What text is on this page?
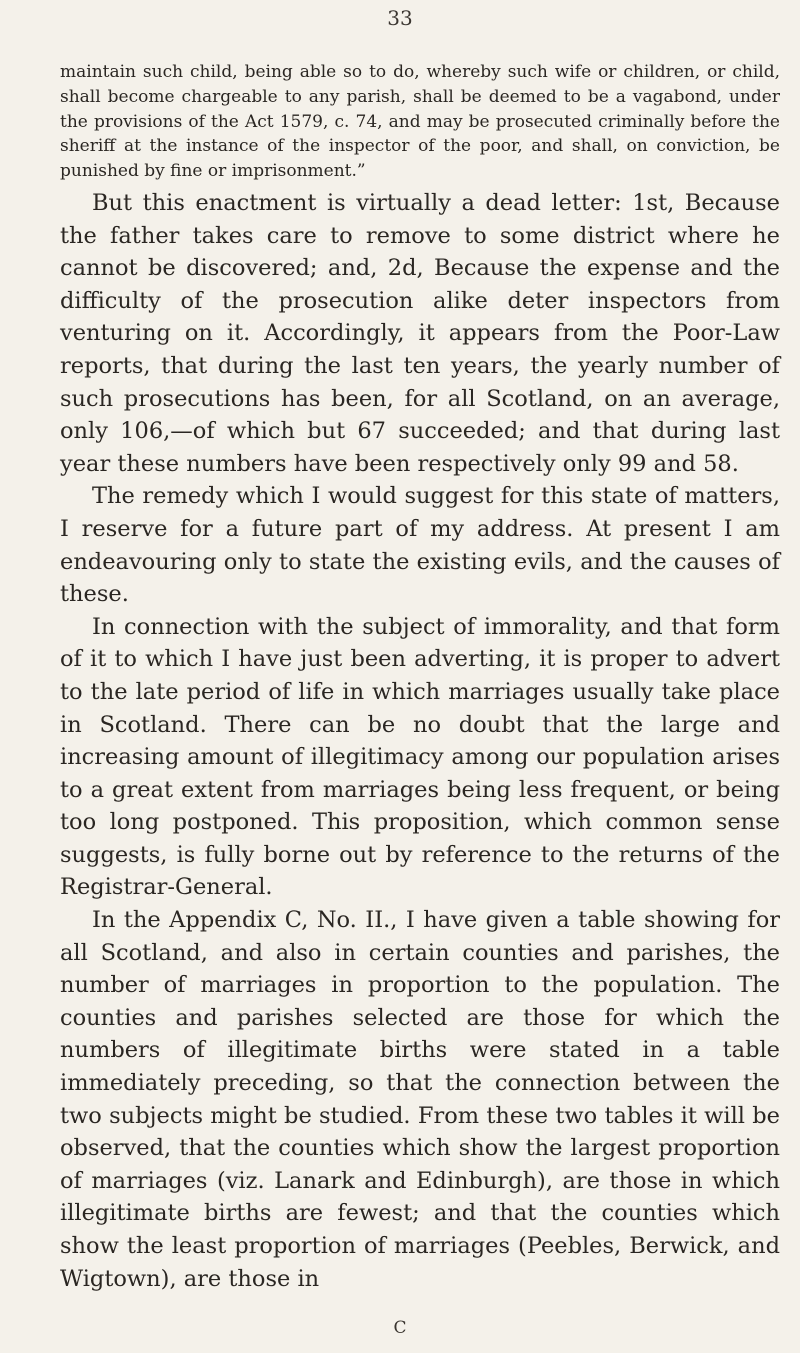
33

maintain such child, being able so to do, whereby such wife or children, or child, shall become chargeable to any parish, shall be deemed to be a vagabond, under the provisions of the Act 1579, c. 74, and may be prosecuted criminally before the sheriff at the instance of the inspector of the poor, and shall, on conviction, be punished by fine or imprisonment.”

But this enactment is virtually a dead letter: 1st, Because the father takes care to remove to some district where he cannot be discovered; and, 2d, Because the expense and the difficulty of the prosecution alike deter inspectors from venturing on it. Accordingly, it appears from the Poor-Law reports, that during the last ten years, the yearly number of such prosecutions has been, for all Scotland, on an average, only 106,—of which but 67 succeeded; and that during last year these numbers have been respectively only 99 and 58.

The remedy which I would suggest for this state of matters, I reserve for a future part of my address. At present I am endeavouring only to state the existing evils, and the causes of these.

In connection with the subject of immorality, and that form of it to which I have just been adverting, it is proper to advert to the late period of life in which marriages usually take place in Scotland. There can be no doubt that the large and increasing amount of illegitimacy among our population arises to a great extent from marriages being less frequent, or being too long postponed. This proposition, which common sense suggests, is fully borne out by reference to the returns of the Registrar-General.

In the Appendix C, No. II., I have given a table showing for all Scotland, and also in certain counties and parishes, the number of marriages in proportion to the population. The counties and parishes selected are those for which the numbers of illegitimate births were stated in a table immediately preceding, so that the connection between the two subjects might be studied. From these two tables it will be observed, that the counties which show the largest proportion of marriages (viz. Lanark and Edinburgh), are those in which illegitimate births are fewest; and that the counties which show the least proportion of marriages (Peebles, Berwick, and Wigtown), are those in

C
